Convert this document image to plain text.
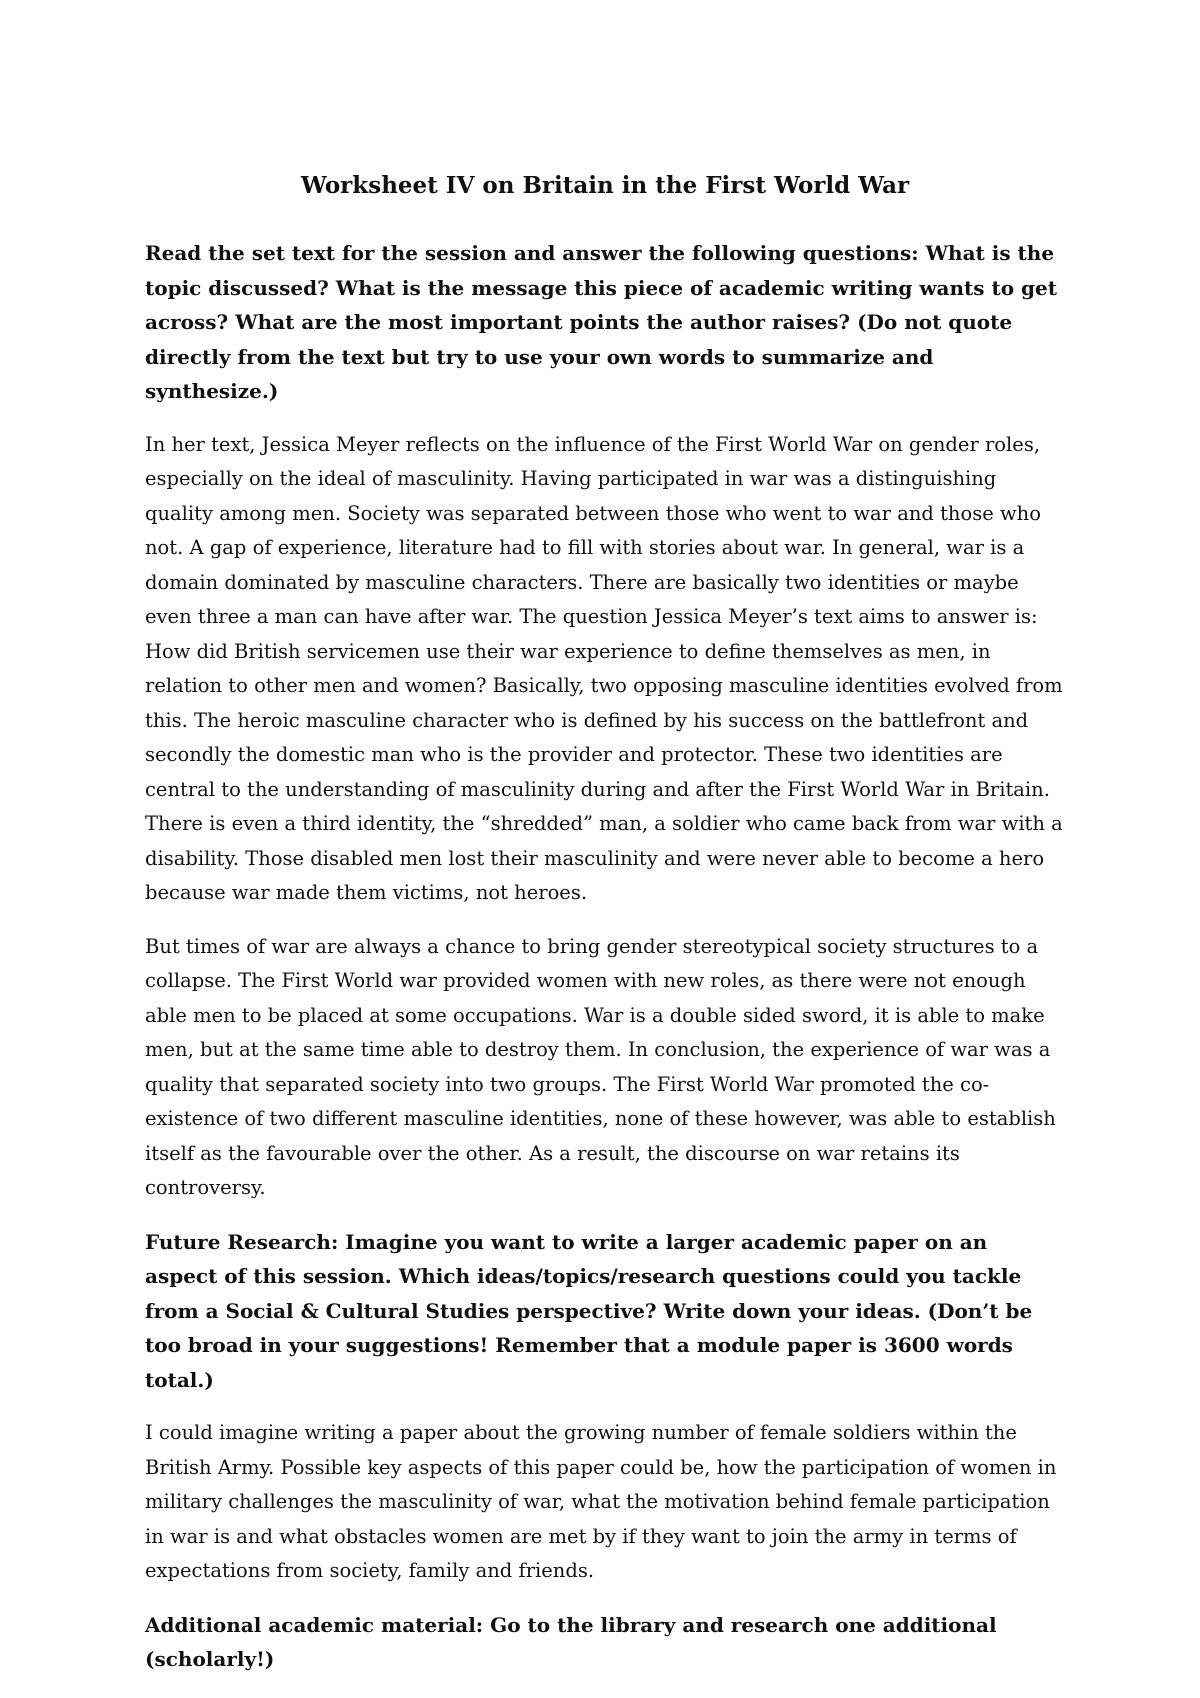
Worksheet IV on Britain in the First World War

Read the set text for the session and answer the following questions: What is the topic discussed? What is the message this piece of academic writing wants to get across? What are the most important points the author raises? (Do not quote directly from the text but try to use your own words to summarize and synthesize.)

In her text, Jessica Meyer reflects on the influence of the First World War on gender roles, especially on the ideal of masculinity. Having participated in war was a distinguishing quality among men. Society was separated between those who went to war and those who not. A gap of experience, literature had to fill with stories about war. In general, war is a domain dominated by masculine characters. There are basically two identities or maybe even three a man can have after war. The question Jessica Meyer’s text aims to answer is: How did British servicemen use their war experience to define themselves as men, in relation to other men and women? Basically, two opposing masculine identities evolved from this. The heroic masculine character who is defined by his success on the battlefront and secondly the domestic man who is the provider and protector. These two identities are central to the understanding of masculinity during and after the First World War in Britain. There is even a third identity, the “shredded” man, a soldier who came back from war with a disability. Those disabled men lost their masculinity and were never able to become a hero because war made them victims, not heroes.

But times of war are always a chance to bring gender stereotypical society structures to a collapse. The First World war provided women with new roles, as there were not enough able men to be placed at some occupations. War is a double sided sword, it is able to make men, but at the same time able to destroy them. In conclusion, the experience of war was a quality that separated society into two groups. The First World War promoted the co- existence of two different masculine identities, none of these however, was able to establish itself as the favourable over the other. As a result, the discourse on war retains its controversy.

Future Research: Imagine you want to write a larger academic paper on an aspect of this session. Which ideas/topics/research questions could you tackle from a Social & Cultural Studies perspective? Write down your ideas. (Don’t be too broad in your suggestions! Remember that a module paper is 3600 words total.)

I could imagine writing a paper about the growing number of female soldiers within the British Army. Possible key aspects of this paper could be, how the participation of women in military challenges the masculinity of war, what the motivation behind female participation in war is and what obstacles women are met by if they want to join the army in terms of expectations from society, family and friends.

Additional academic material: Go to the library and research one additional (scholarly!)
